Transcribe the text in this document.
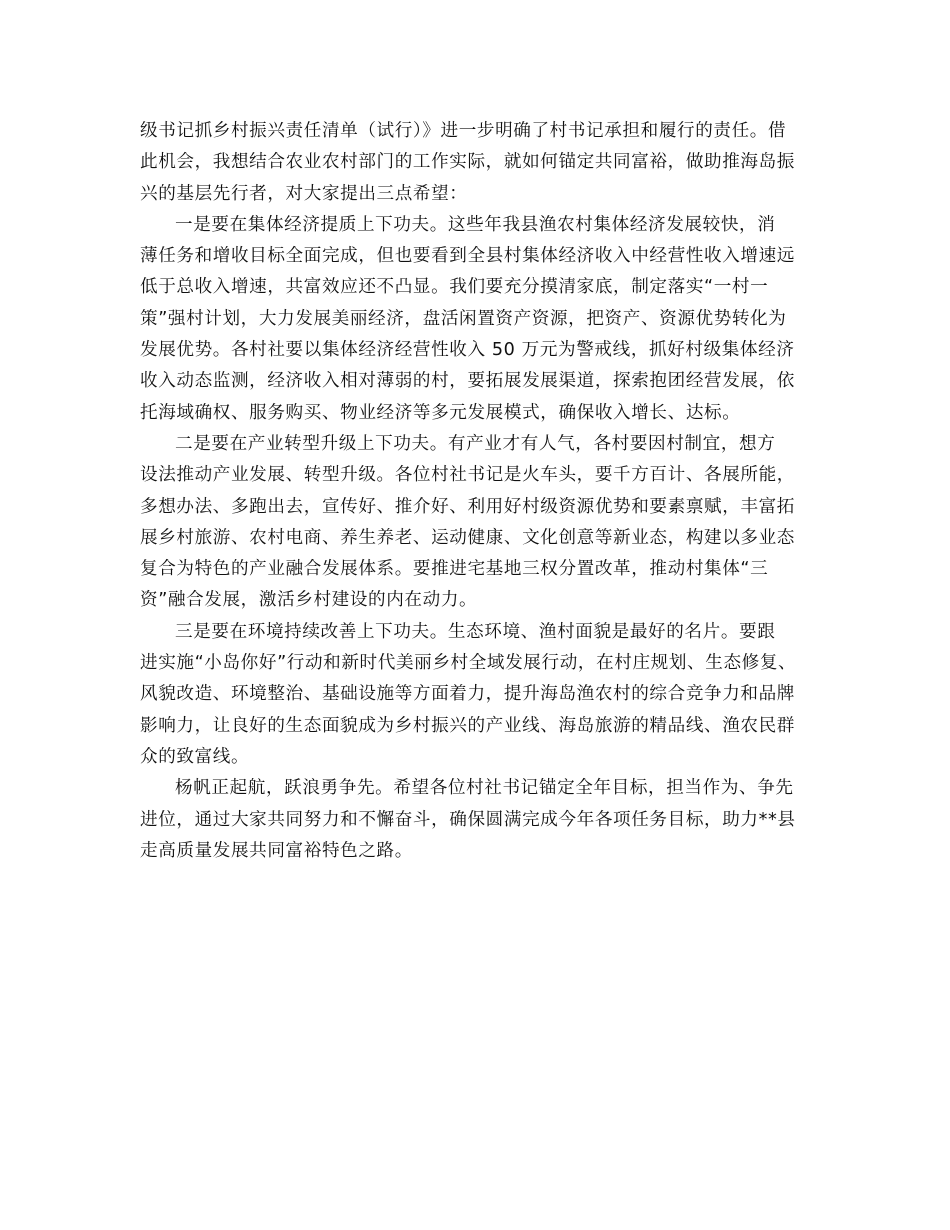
级书记抓乡村振兴责任清单（试行）》进一步明确了村书记承担和履行的责任。借
此机会，我想结合农业农村部门的工作实际，就如何锚定共同富裕，做助推海岛振
兴的基层先行者，对大家提出三点希望：
一是要在集体经济提质上下功夫。这些年我县渔农村集体经济发展较快，消
薄任务和增收目标全面完成，但也要看到全县村集体经济收入中经营性收入增速远
低于总收入增速，共富效应还不凸显。我们要充分摸清家底，制定落实“一村一
策”强村计划，大力发展美丽经济，盘活闲置资产资源，把资产、资源优势转化为
发展优势。各村社要以集体经济经营性收入 50 万元为警戒线，抓好村级集体经济
收入动态监测，经济收入相对薄弱的村，要拓展发展渠道，探索抱团经营发展，依
托海域确权、服务购买、物业经济等多元发展模式，确保收入增长、达标。
二是要在产业转型升级上下功夫。有产业才有人气，各村要因村制宜，想方
设法推动产业发展、转型升级。各位村社书记是火车头，要千方百计、各展所能，
多想办法、多跑出去，宣传好、推介好、利用好村级资源优势和要素禀赋，丰富拓
展乡村旅游、农村电商、养生养老、运动健康、文化创意等新业态，构建以多业态
复合为特色的产业融合发展体系。要推进宅基地三权分置改革，推动村集体“三
资”融合发展，激活乡村建设的内在动力。
三是要在环境持续改善上下功夫。生态环境、渔村面貌是最好的名片。要跟
进实施“小岛你好”行动和新时代美丽乡村全域发展行动，在村庄规划、生态修复、
风貌改造、环境整治、基础设施等方面着力，提升海岛渔农村的综合竞争力和品牌
影响力，让良好的生态面貌成为乡村振兴的产业线、海岛旅游的精品线、渔农民群
众的致富线。
杨帆正起航，跃浪勇争先。希望各位村社书记锚定全年目标，担当作为、争先
进位，通过大家共同努力和不懈奋斗，确保圆满完成今年各项任务目标，助力**县
走高质量发展共同富裕特色之路。
